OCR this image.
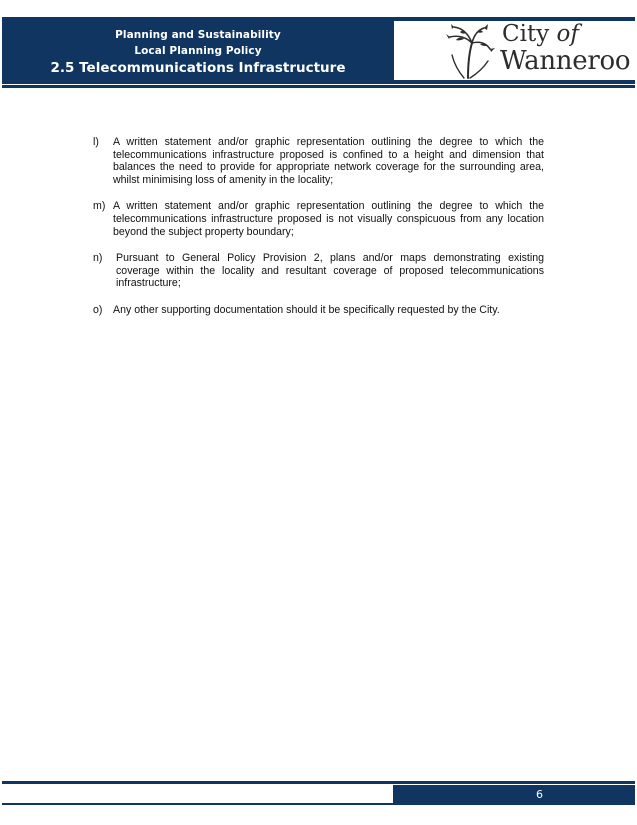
Planning and Sustainability
Local Planning Policy
2.5 Telecommunications Infrastructure
City of
Wanneroo
l) A written statement and/or graphic representation outlining the degree to which the telecommunications infrastructure proposed is confined to a height and dimension that balances the need to provide for appropriate network coverage for the surrounding area, whilst minimising loss of amenity in the locality;
m) A written statement and/or graphic representation outlining the degree to which the telecommunications infrastructure proposed is not visually conspicuous from any location beyond the subject property boundary;
n) Pursuant to General Policy Provision 2, plans and/or maps demonstrating existing coverage within the locality and resultant coverage of proposed telecommunications infrastructure;
o) Any other supporting documentation should it be specifically requested by the City.
6
